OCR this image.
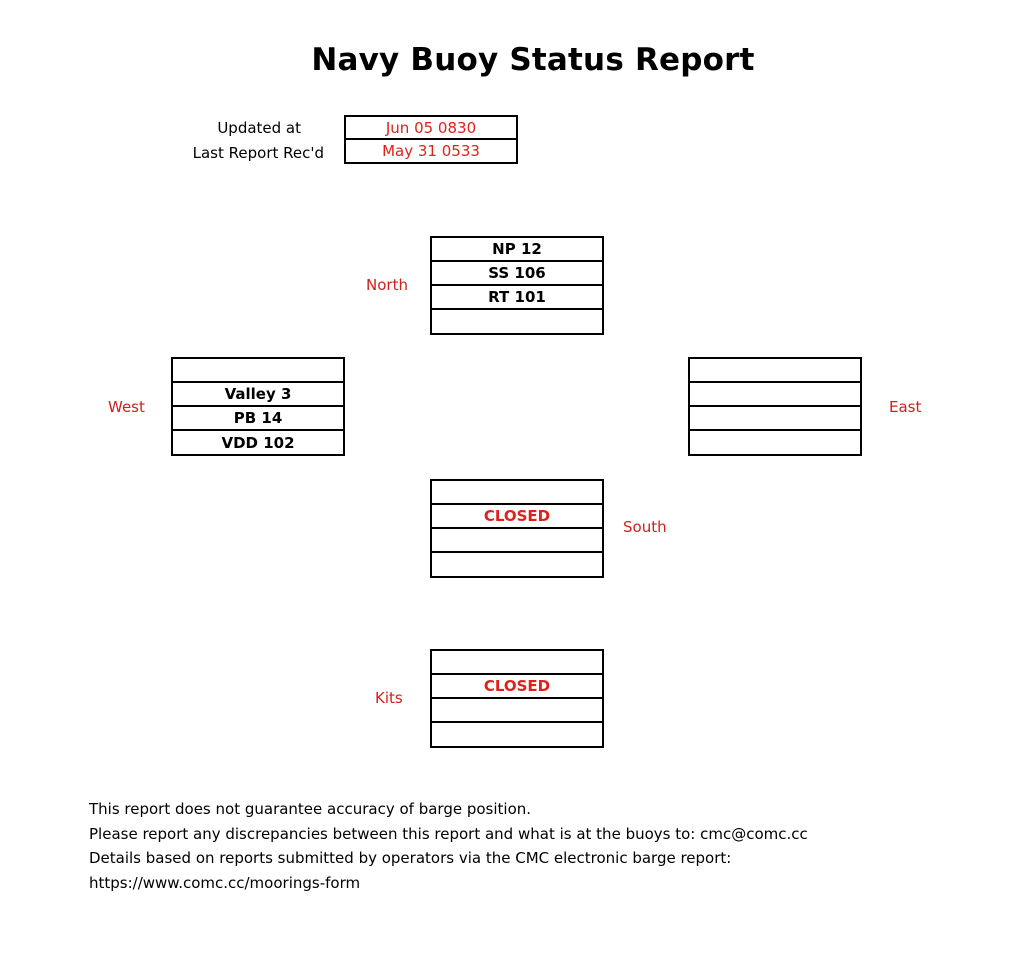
Navy Buoy Status Report
Updated at	Jun 05 0830
Last Report Rec'd	May 31 0533
North
NP 12
SS 106
RT 101
West
Valley 3
PB 14
VDD 102
East
South
CLOSED
Kits
CLOSED
This report does not guarantee accuracy of barge position.
Please report any discrepancies between this report and what is at the buoys to: cmc@comc.cc
Details based on reports submitted by operators via the CMC electronic barge report:
https://www.comc.cc/moorings-form
